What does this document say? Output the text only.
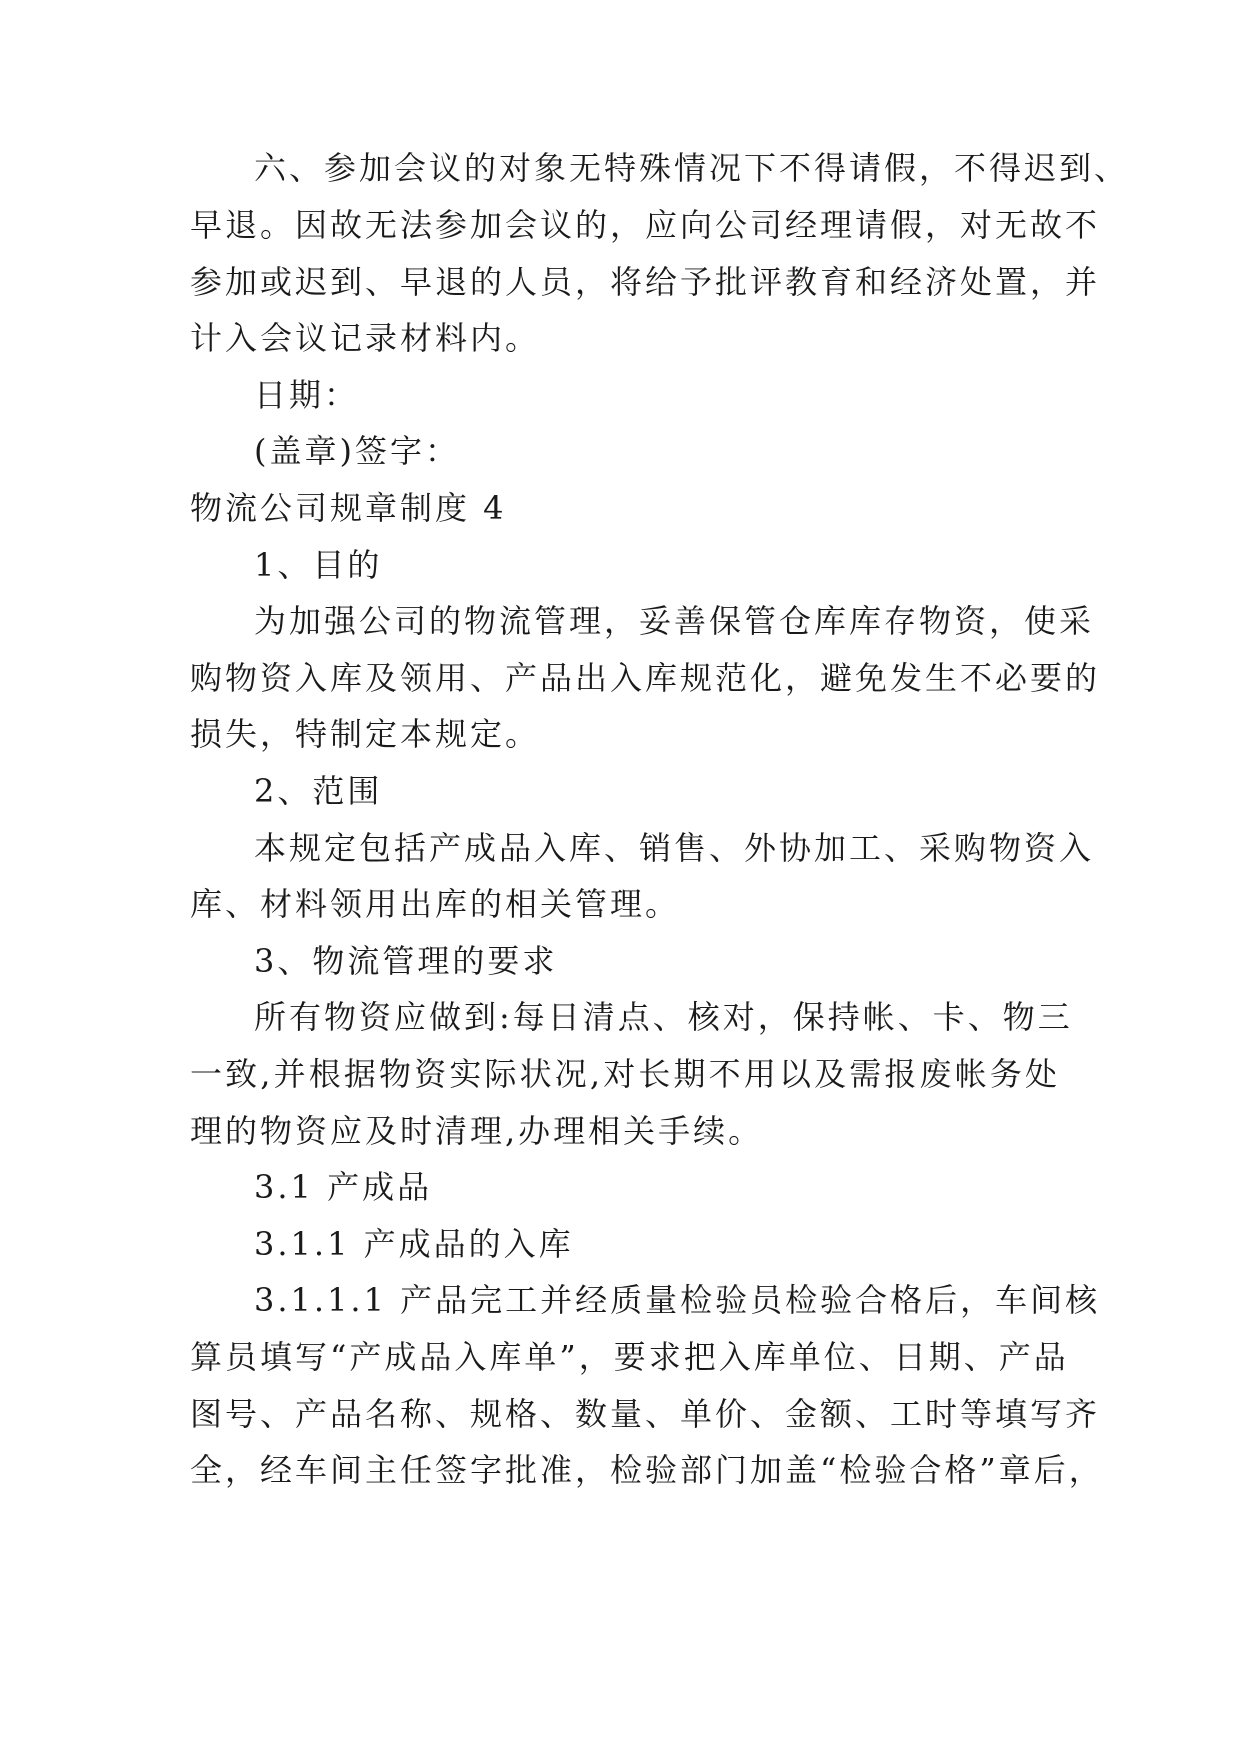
六、参加会议的对象无特殊情况下不得请假，不得迟到、
早退。因故无法参加会议的，应向公司经理请假，对无故不
参加或迟到、早退的人员，将给予批评教育和经济处置，并
计入会议记录材料内。
日期：
(盖章)签字：
物流公司规章制度 4
1、目的
为加强公司的物流管理，妥善保管仓库库存物资，使采
购物资入库及领用、产品出入库规范化，避免发生不必要的
损失，特制定本规定。
2、范围
本规定包括产成品入库、销售、外协加工、采购物资入
库、材料领用出库的相关管理。
3、物流管理的要求
所有物资应做到:每日清点、核对，保持帐、卡、物三
一致,并根据物资实际状况,对长期不用以及需报废帐务处
理的物资应及时清理,办理相关手续。
3.1 产成品
3.1.1 产成品的入库
3.1.1.1 产品完工并经质量检验员检验合格后，车间核
算员填写“产成品入库单”，要求把入库单位、日期、产品
图号、产品名称、规格、数量、单价、金额、工时等填写齐
全，经车间主任签字批准，检验部门加盖“检验合格”章后，
